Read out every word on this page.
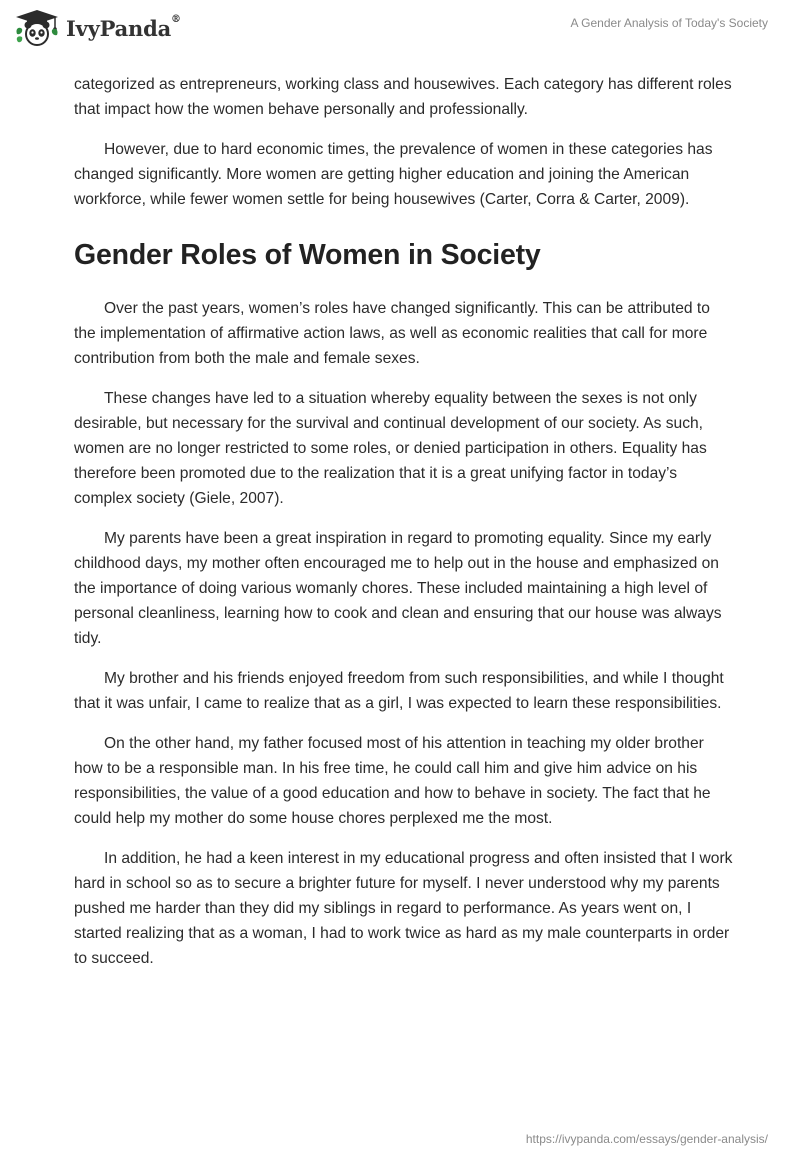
IvyPanda®	A Gender Analysis of Today's Society

categorized as entrepreneurs, working class and housewives. Each category has different roles that impact how the women behave personally and professionally.

However, due to hard economic times, the prevalence of women in these categories has changed significantly. More women are getting higher education and joining the American workforce, while fewer women settle for being housewives (Carter, Corra & Carter, 2009).

Gender Roles of Women in Society

Over the past years, women’s roles have changed significantly. This can be attributed to the implementation of affirmative action laws, as well as economic realities that call for more contribution from both the male and female sexes.

These changes have led to a situation whereby equality between the sexes is not only desirable, but necessary for the survival and continual development of our society. As such, women are no longer restricted to some roles, or denied participation in others. Equality has therefore been promoted due to the realization that it is a great unifying factor in today’s complex society (Giele, 2007).

My parents have been a great inspiration in regard to promoting equality. Since my early childhood days, my mother often encouraged me to help out in the house and emphasized on the importance of doing various womanly chores. These included maintaining a high level of personal cleanliness, learning how to cook and clean and ensuring that our house was always tidy.

My brother and his friends enjoyed freedom from such responsibilities, and while I thought that it was unfair, I came to realize that as a girl, I was expected to learn these responsibilities.

On the other hand, my father focused most of his attention in teaching my older brother how to be a responsible man. In his free time, he could call him and give him advice on his responsibilities, the value of a good education and how to behave in society. The fact that he could help my mother do some house chores perplexed me the most.

In addition, he had a keen interest in my educational progress and often insisted that I work hard in school so as to secure a brighter future for myself. I never understood why my parents pushed me harder than they did my siblings in regard to performance. As years went on, I started realizing that as a woman, I had to work twice as hard as my male counterparts in order to succeed.

https://ivypanda.com/essays/gender-analysis/
